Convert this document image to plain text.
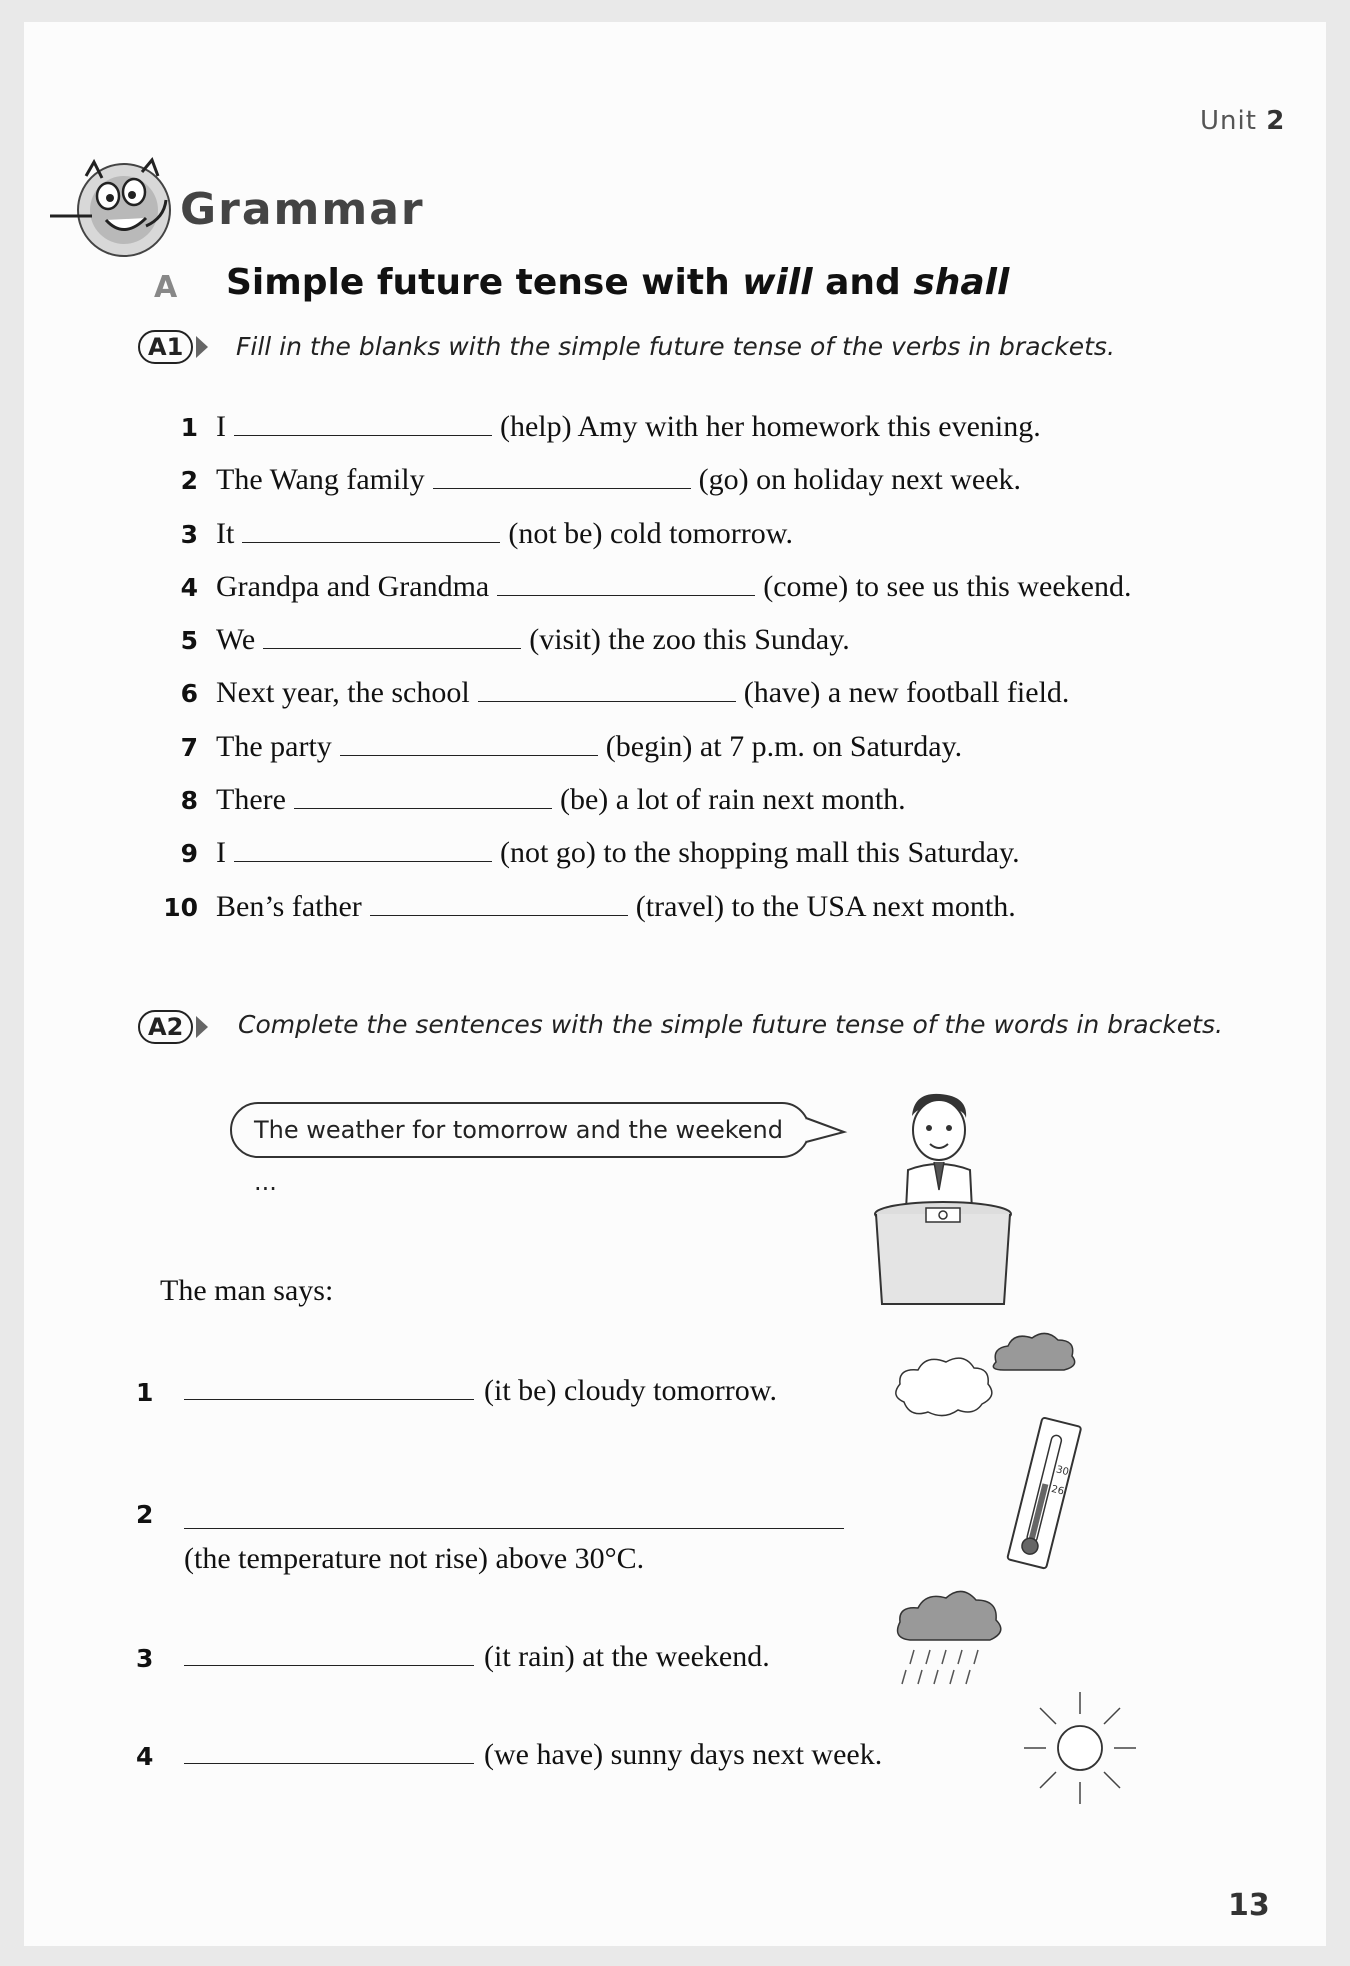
Unit 2
Grammar
A Simple future tense with will and shall
A1	Fill in the blanks with the simple future tense of the verbs in brackets.
1 I	(help) Amy with her homework this evening.
2 The Wang family	(go) on holiday next week.
3 It	(not be) cold tomorrow.
4 Grandpa and Grandma	(come) to see us this weekend.
5 We	(visit) the zoo this Sunday.
6 Next year, the school	(have) a new football field.
7 The party	(begin) at 7 p.m. on Saturday.
8 There	(be) a lot of rain next month.
9 I	(not go) to the shopping mall this Saturday.
10 Ben’s father	(travel) to the USA next month.
A2	Complete the sentences with the simple future tense of the words in brackets.
The weather for tomorrow and the weekend ...
The man says:
1	(it be) cloudy tomorrow.
2
(the temperature not rise) above 30°C.
30
26
3	(it rain) at the weekend.
4	(we have) sunny days next week.
13
